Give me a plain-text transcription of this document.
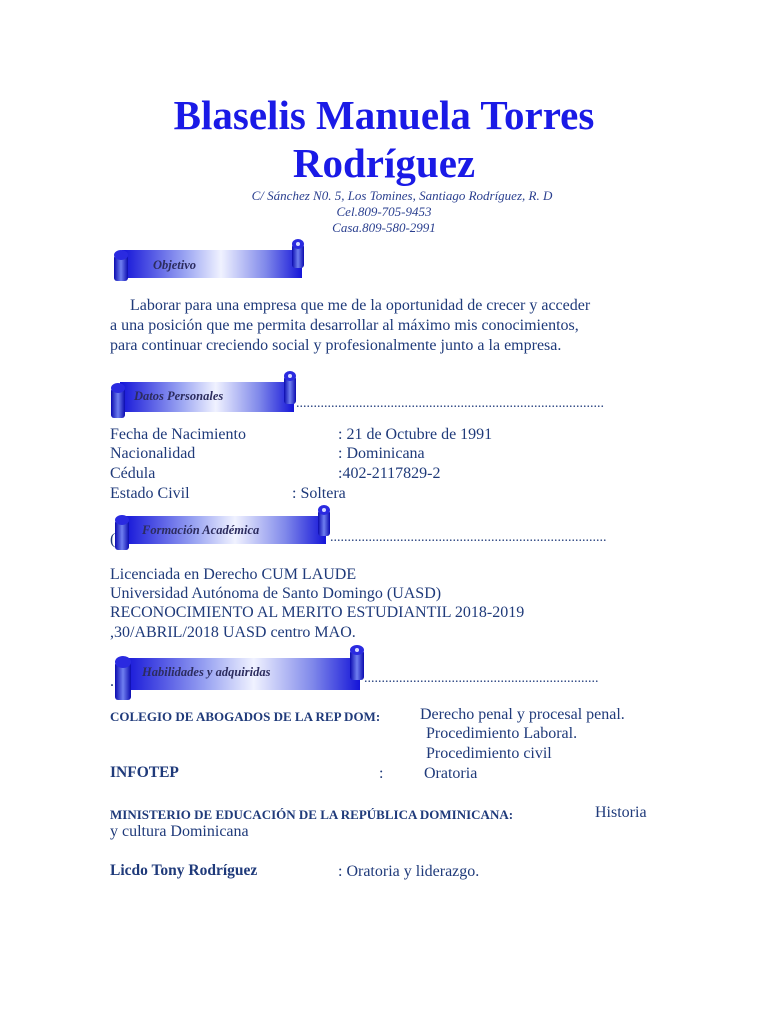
Blaselis Manuela Torres
Rodríguez
C/ Sánchez N0. 5, Los Tomines, Santiago Rodríguez, R. D
Cel.809-705-9453
Casa.809-580-2991
Objetivo
Laborar para una empresa que me de la oportunidad de crecer y acceder
a una posición que me permita desarrollar al máximo mis conocimientos,
para continuar creciendo social y profesionalmente junto a la empresa.
Datos Personales	........................................................................................
Fecha de Nacimiento	: 21 de Octubre de 1991
Nacionalidad	: Dominicana
Cédula	:402-2117829-2
Estado Civil	: Soltera
(
Formación Académica	...............................................................................
Licenciada en Derecho CUM LAUDE
Universidad Autónoma de Santo Domingo (UASD)
RECONOCIMIENTO AL MERITO ESTUDIANTIL 2018-2019
,30/ABRIL/2018 UASD centro MAO.
.
Habilidades y adquiridas	...................................................................
COLEGIO DE ABOGADOS DE LA REP DOM: Derecho penal y procesal penal.
Procedimiento Laboral.
Procedimiento civil
INFOTEP	:	Oratoria
MINISTERIO DE EDUCACIÓN DE LA REPÚBLICA DOMINICANA:	Historia
y cultura Dominicana
Licdo Tony Rodríguez	: Oratoria y liderazgo.
